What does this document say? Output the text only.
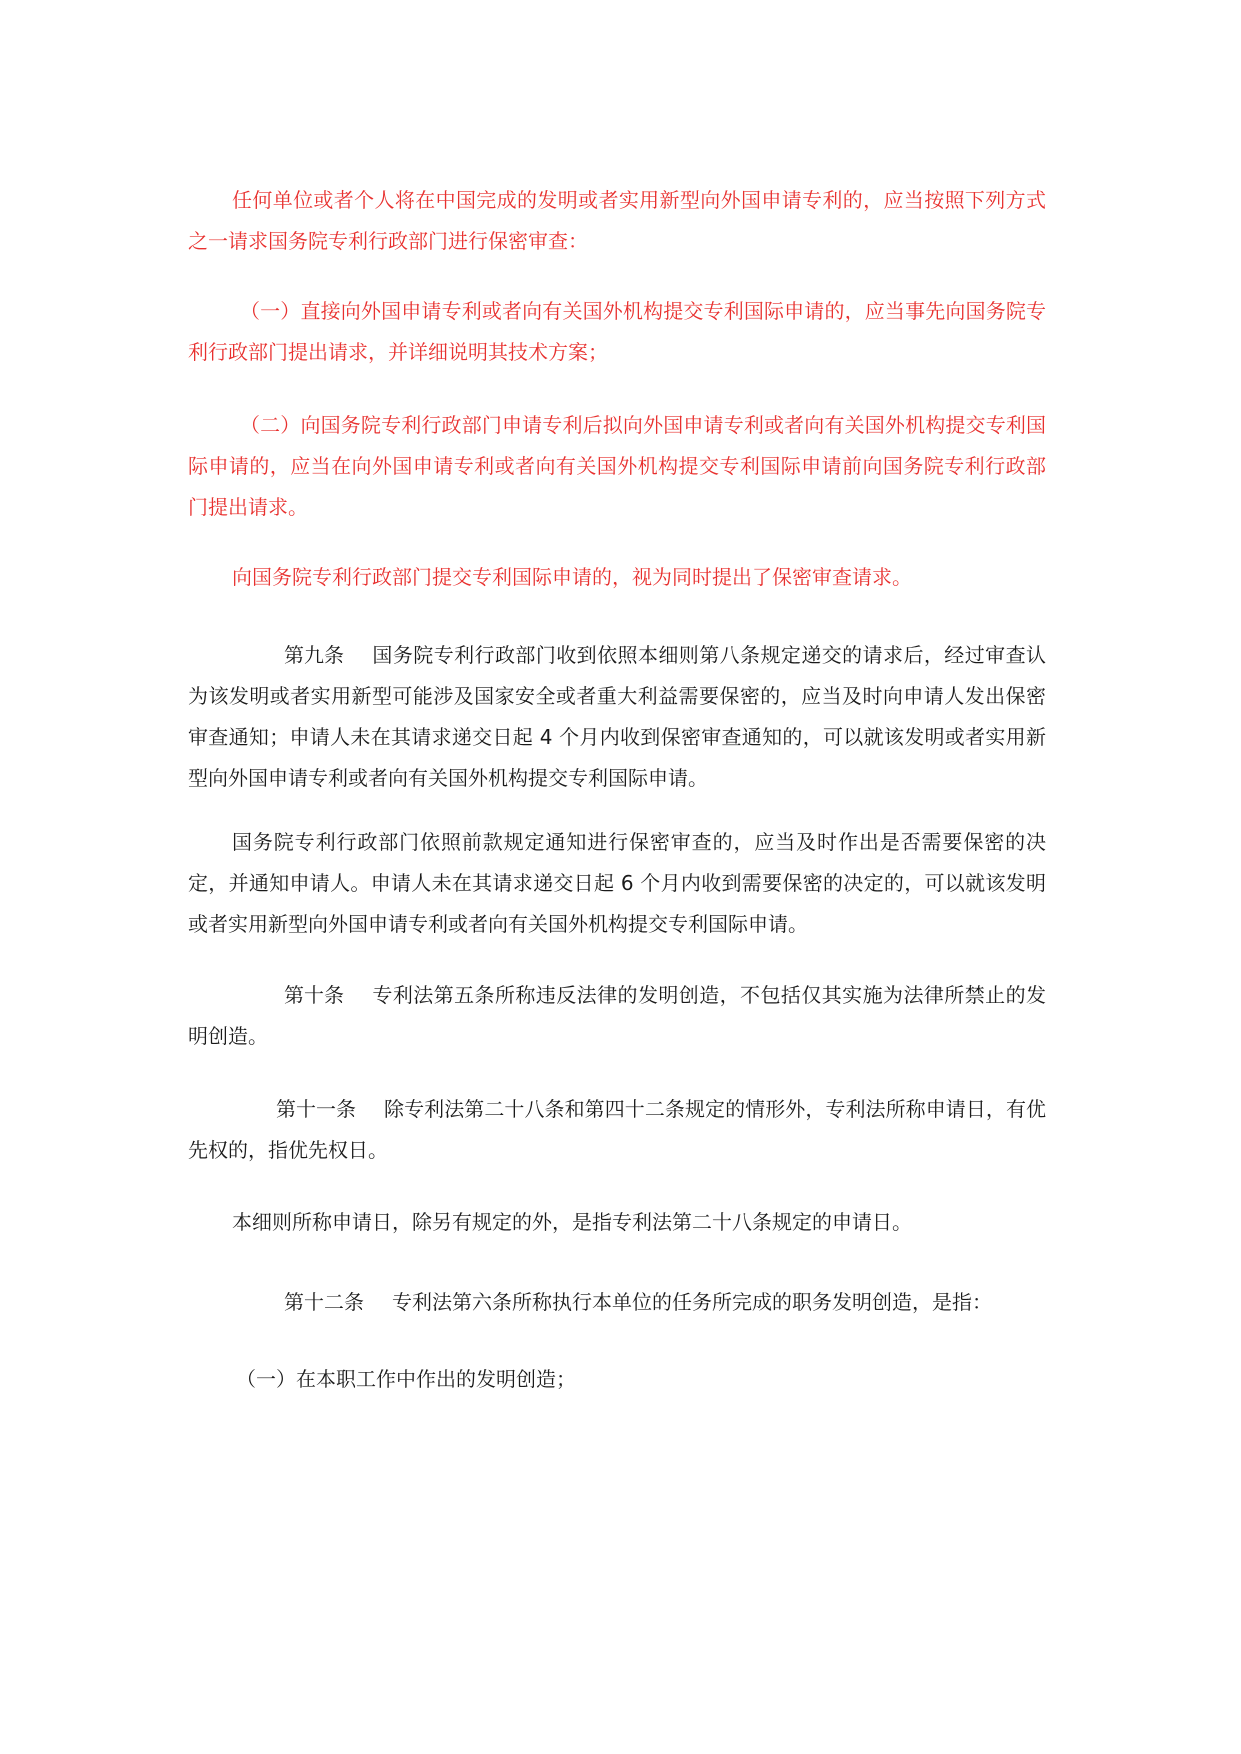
任何单位或者个人将在中国完成的发明或者实用新型向外国申请专利的，应当按照下列方式之一请求国务院专利行政部门进行保密审查：

（一）直接向外国申请专利或者向有关国外机构提交专利国际申请的，应当事先向国务院专利行政部门提出请求，并详细说明其技术方案；

（二）向国务院专利行政部门申请专利后拟向外国申请专利或者向有关国外机构提交专利国际申请的，应当在向外国申请专利或者向有关国外机构提交专利国际申请前向国务院专利行政部门提出请求。

向国务院专利行政部门提交专利国际申请的，视为同时提出了保密审查请求。

第九条 国务院专利行政部门收到依照本细则第八条规定递交的请求后，经过审查认为该发明或者实用新型可能涉及国家安全或者重大利益需要保密的，应当及时向申请人发出保密审查通知；申请人未在其请求递交日起 4 个月内收到保密审查通知的，可以就该发明或者实用新型向外国申请专利或者向有关国外机构提交专利国际申请。

国务院专利行政部门依照前款规定通知进行保密审查的，应当及时作出是否需要保密的决定，并通知申请人。申请人未在其请求递交日起 6 个月内收到需要保密的决定的，可以就该发明或者实用新型向外国申请专利或者向有关国外机构提交专利国际申请。

第十条 专利法第五条所称违反法律的发明创造，不包括仅其实施为法律所禁止的发明创造。

第十一条 除专利法第二十八条和第四十二条规定的情形外，专利法所称申请日，有优先权的，指优先权日。

本细则所称申请日，除另有规定的外，是指专利法第二十八条规定的申请日。

第十二条 专利法第六条所称执行本单位的任务所完成的职务发明创造，是指：

（一）在本职工作中作出的发明创造；
